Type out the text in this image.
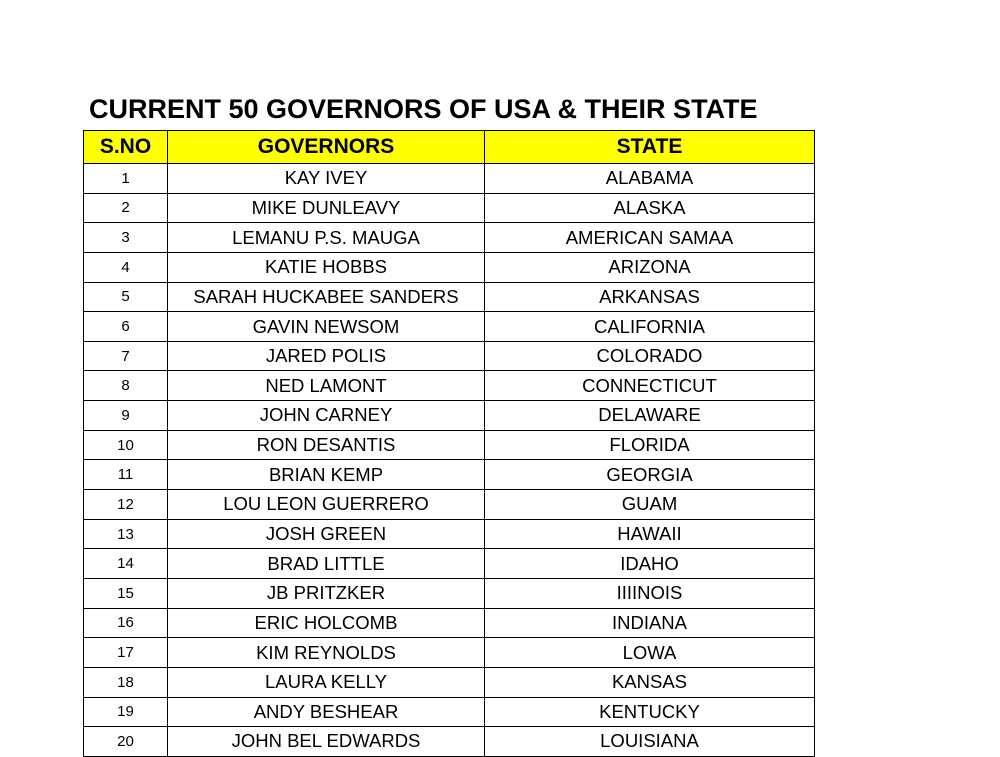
CURRENT 50 GOVERNORS OF USA & THEIR STATE
S.NO	GOVERNORS	STATE
1	KAY IVEY	ALABAMA
2	MIKE DUNLEAVY	ALASKA
3	LEMANU P.S. MAUGA	AMERICAN SAMAA
4	KATIE HOBBS	ARIZONA
5	SARAH HUCKABEE SANDERS	ARKANSAS
6	GAVIN NEWSOM	CALIFORNIA
7	JARED POLIS	COLORADO
8	NED LAMONT	CONNECTICUT
9	JOHN CARNEY	DELAWARE
10	RON DESANTIS	FLORIDA
11	BRIAN KEMP	GEORGIA
12	LOU LEON GUERRERO	GUAM
13	JOSH GREEN	HAWAII
14	BRAD LITTLE	IDAHO
15	JB PRITZKER	IIIINOIS
16	ERIC HOLCOMB	INDIANA
17	KIM REYNOLDS	LOWA
18	LAURA KELLY	KANSAS
19	ANDY BESHEAR	KENTUCKY
20	JOHN BEL EDWARDS	LOUISIANA
